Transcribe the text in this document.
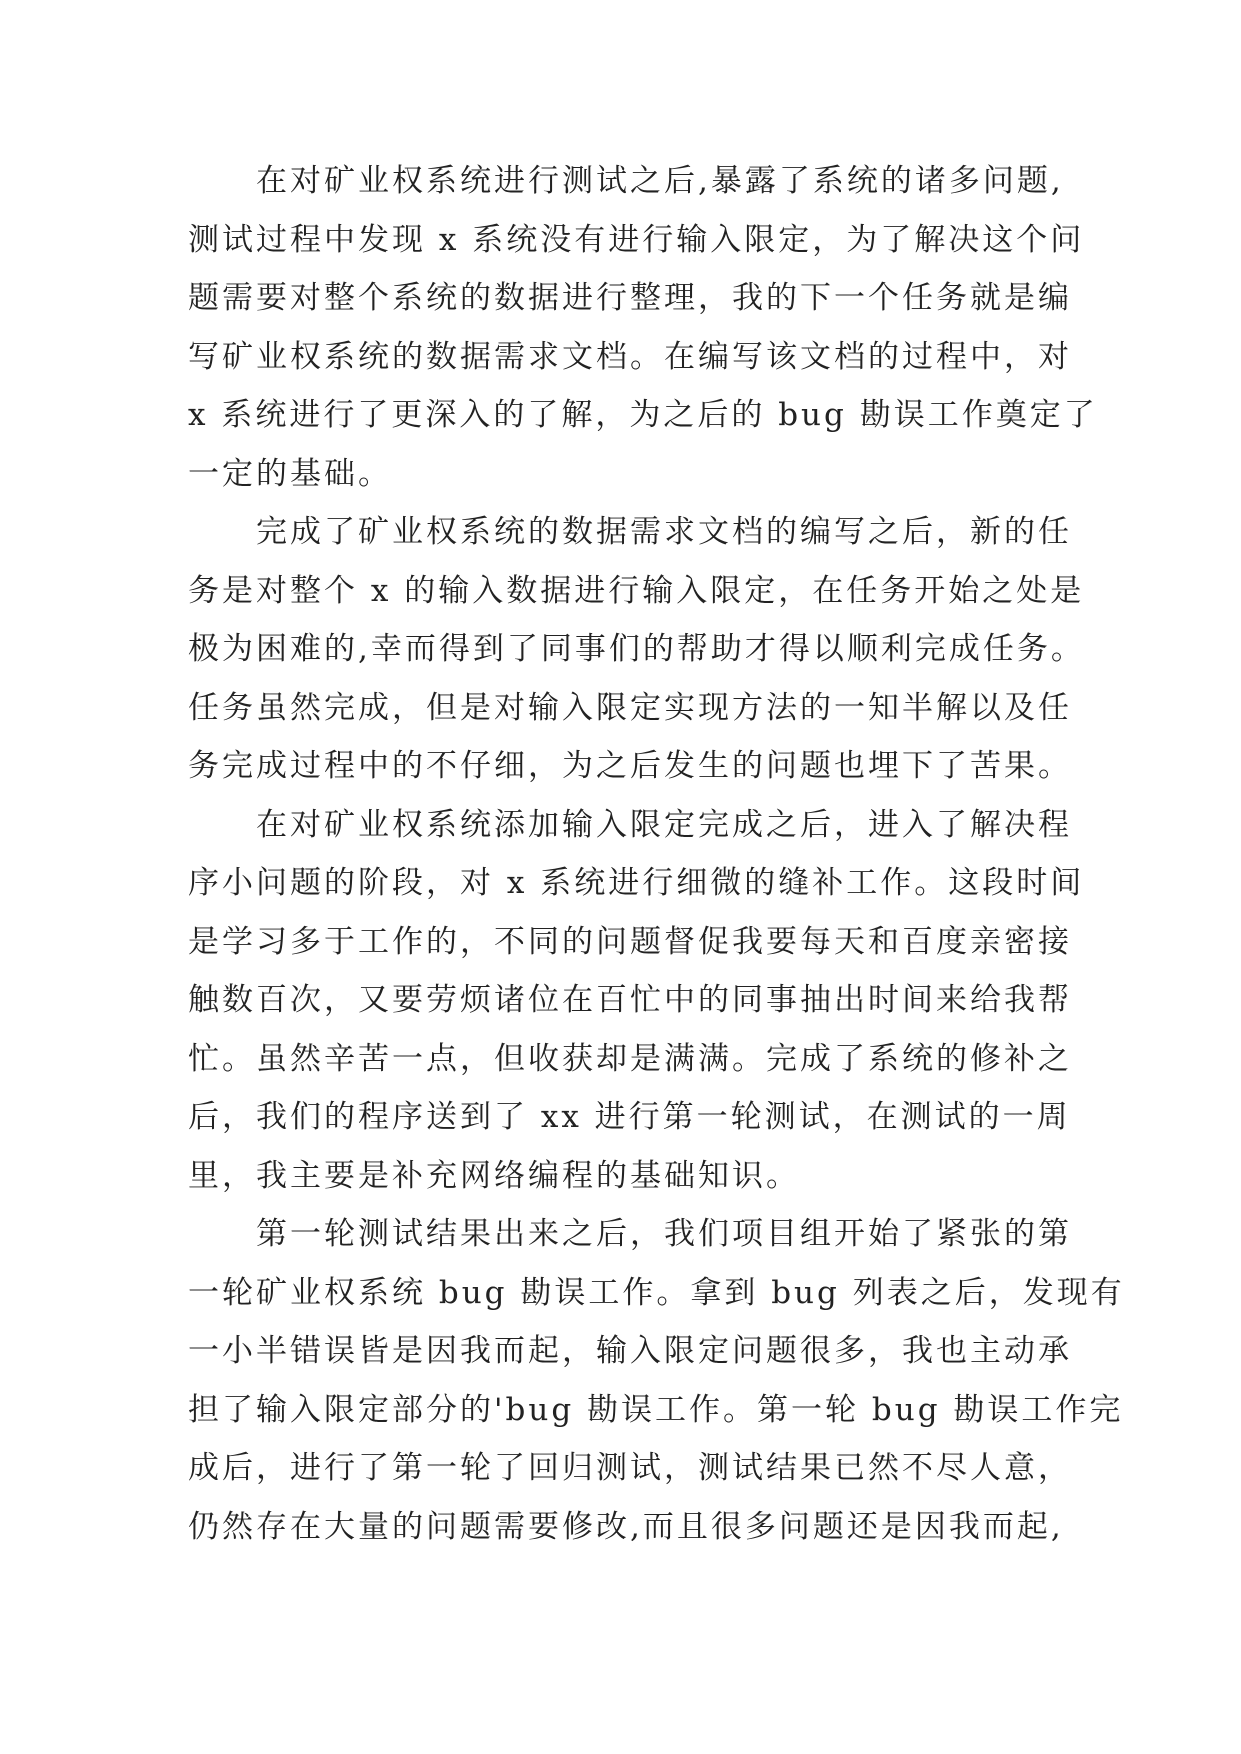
在对矿业权系统进行测试之后,暴露了系统的诸多问题,
测试过程中发现 x 系统没有进行输入限定，为了解决这个问
题需要对整个系统的数据进行整理，我的下一个任务就是编
写矿业权系统的数据需求文档。在编写该文档的过程中，对
x 系统进行了更深入的了解，为之后的 bug 勘误工作奠定了
一定的基础。
完成了矿业权系统的数据需求文档的编写之后，新的任
务是对整个 x 的输入数据进行输入限定，在任务开始之处是
极为困难的,幸而得到了同事们的帮助才得以顺利完成任务。
任务虽然完成，但是对输入限定实现方法的一知半解以及任
务完成过程中的不仔细，为之后发生的问题也埋下了苦果。
在对矿业权系统添加输入限定完成之后，进入了解决程
序小问题的阶段，对 x 系统进行细微的缝补工作。这段时间
是学习多于工作的，不同的问题督促我要每天和百度亲密接
触数百次，又要劳烦诸位在百忙中的同事抽出时间来给我帮
忙。虽然辛苦一点，但收获却是满满。完成了系统的修补之
后，我们的程序送到了 xx 进行第一轮测试，在测试的一周
里，我主要是补充网络编程的基础知识。
第一轮测试结果出来之后，我们项目组开始了紧张的第
一轮矿业权系统 bug 勘误工作。拿到 bug 列表之后，发现有
一小半错误皆是因我而起，输入限定问题很多，我也主动承
担了输入限定部分的'bug 勘误工作。第一轮 bug 勘误工作完
成后，进行了第一轮了回归测试，测试结果已然不尽人意，
仍然存在大量的问题需要修改,而且很多问题还是因我而起,
